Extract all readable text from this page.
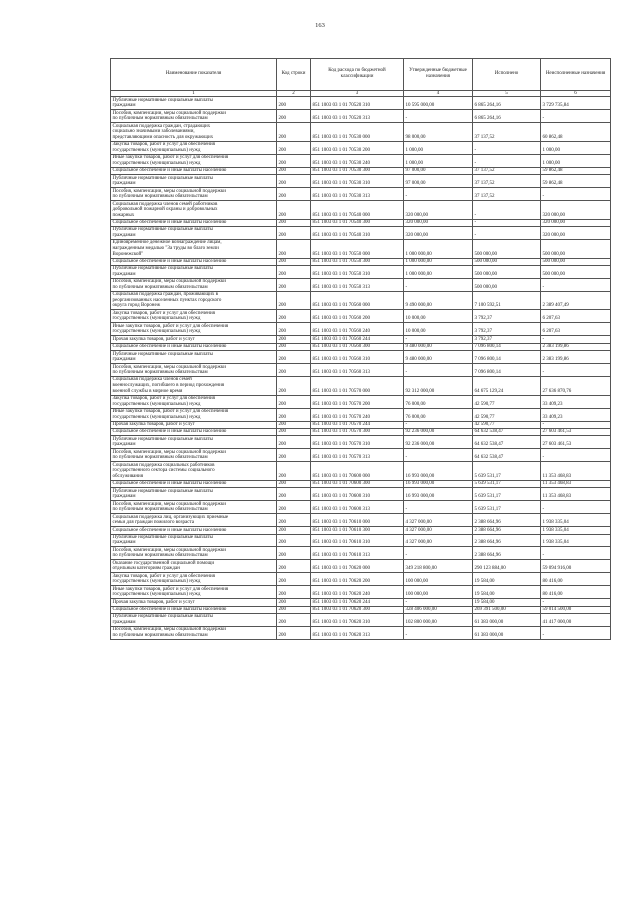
163
Наименование показателя	Код строки	Код расхода по бюджетной классификации	Утвержденные бюджетные назначения	Исполнено	Неисполненные назначения
1	2	3	4	5	6

Публичные нормативные социальные выплаты
гражданам	200	851 1003 03 1 01 70520 310	10 595 000,00	6 865 264,16	3 729 735,84

Пособия, компенсации, меры социальной поддержки
по публичным нормативным обязательствам	200	851 1003 03 1 01 70520 313	-	6 865 264,16	-

Социальная поддержка граждан, страдающих
социально значимыми заболеваниями,
представляющими опасность для окружающих	200	851 1003 03 1 01 70530 000	98 000,00	37 137,52	60 862,48

Закупка товаров, работ и услуг для обеспечения
государственных (муниципальных) нужд	200	851 1003 03 1 01 70530 200	1 000,00	-	1 000,00

Иные закупки товаров, работ и услуг для обеспечения
государственных (муниципальных) нужд	200	851 1003 03 1 01 70530 240	1 000,00	-	1 000,00

Социальное обеспечение и иные выплаты населению	200	851 1003 03 1 01 70530 300	97 000,00	37 137,52	59 862,48

Публичные нормативные социальные выплаты
гражданам	200	851 1003 03 1 01 70530 310	97 000,00	37 137,52	59 862,48

Пособия, компенсации, меры социальной поддержки
по публичным нормативным обязательствам	200	851 1003 03 1 01 70530 313	-	37 137,52	-

Социальная поддержка членов семей работников
добровольной пожарной охраны и добровольных
пожарных	200	851 1003 03 1 01 70540 000	320 000,00	-	320 000,00

Социальное обеспечение и иные выплаты населению	200	851 1003 03 1 01 70540 300	320 000,00	-	320 000,00

Публичные нормативные социальные выплаты
гражданам	200	851 1003 03 1 01 70540 310	320 000,00	-	320 000,00

Единовременное денежное вознаграждение лицам,
награжденным медалью "За труды во благо земли
Воронежской"	200	851 1003 03 1 01 70550 000	1 000 000,00	500 000,00	500 000,00

Социальное обеспечение и иные выплаты населению	200	851 1003 03 1 01 70550 300	1 000 000,00	500 000,00	500 000,00

Публичные нормативные социальные выплаты
гражданам	200	851 1003 03 1 01 70550 310	1 000 000,00	500 000,00	500 000,00

Пособия, компенсации, меры социальной поддержки
по публичным нормативным обязательствам	200	851 1003 03 1 01 70550 313	-	500 000,00	-

Социальная поддержка граждан, проживающих в
реорганизованных населенных пунктах городского
округа город Воронеж	200	851 1003 03 1 01 70560 000	9 490 000,00	7 100 592,51	2 389 407,49

Закупка товаров, работ и услуг для обеспечения
государственных (муниципальных) нужд	200	851 1003 03 1 01 70560 200	10 000,00	3 792,37	6 207,63

Иные закупки товаров, работ и услуг для обеспечения
государственных (муниципальных) нужд	200	851 1003 03 1 01 70560 240	10 000,00	3 792,37	6 207,63

Прочая закупка товаров, работ и услуг	200	851 1003 03 1 01 70560 244	-	3 792,37	-

Социальное обеспечение и иные выплаты населению	200	851 1003 03 1 01 70560 300	9 480 000,00	7 096 800,14	2 383 199,86

Публичные нормативные социальные выплаты
гражданам	200	851 1003 03 1 01 70560 310	9 480 000,00	7 096 800,14	2 383 199,86

Пособия, компенсации, меры социальной поддержки
по публичным нормативным обязательствам	200	851 1003 03 1 01 70560 313	-	7 096 800,14	-

Социальная поддержка членов семей
военнослужащих, погибшего в период прохождения
военной службы в мирное время	200	851 1003 03 1 01 70570 000	92 312 000,00	64 675 129,24	27 636 870,76

Закупка товаров, работ и услуг для обеспечения
государственных (муниципальных) нужд	200	851 1003 03 1 01 70570 200	76 000,00	42 590,77	33 409,23

Иные закупки товаров, работ и услуг для обеспечения
государственных (муниципальных) нужд	200	851 1003 03 1 01 70570 240	76 000,00	42 590,77	33 409,23

Прочая закупка товаров, работ и услуг	200	851 1003 03 1 01 70570 244	-	42 590,77	-

Социальное обеспечение и иные выплаты населению	200	851 1003 03 1 01 70570 300	92 236 000,00	64 632 538,47	27 603 461,53

Публичные нормативные социальные выплаты
гражданам	200	851 1003 03 1 01 70570 310	92 236 000,00	64 632 538,47	27 603 461,53

Пособия, компенсации, меры социальной поддержки
по публичным нормативным обязательствам	200	851 1003 03 1 01 70570 313	-	64 632 538,47	-

Социальная поддержка социальных работников
государственного сектора системы социального
обслуживания	200	851 1003 03 1 01 70600 000	16 993 000,00	5 639 531,17	11 353 468,83

Социальное обеспечение и иные выплаты населению	200	851 1003 03 1 01 70600 300	16 993 000,00	5 639 531,17	11 353 468,83

Публичные нормативные социальные выплаты
гражданам	200	851 1003 03 1 01 70600 310	16 993 000,00	5 639 531,17	11 353 468,83

Пособия, компенсации, меры социальной поддержки
по публичным нормативным обязательствам	200	851 1003 03 1 01 70600 313	-	5 639 531,17	-

Социальная поддержка лиц, организующих приемные
семьи для граждан пожилого возраста	200	851 1003 03 1 01 70610 000	4 327 000,00	2 388 664,96	1 938 335,04

Социальное обеспечение и иные выплаты населению	200	851 1003 03 1 01 70610 300	4 327 000,00	2 388 664,96	1 938 335,04

Публичные нормативные социальные выплаты
гражданам	200	851 1003 03 1 01 70610 310	4 327 000,00	2 388 664,96	1 938 335,04

Пособия, компенсации, меры социальной поддержки
по публичным нормативным обязательствам	200	851 1003 03 1 01 70610 313	-	2 388 664,96	-

Оказание государственной социальной помощи
отдельным категориям граждан	200	851 1003 03 1 01 70620 000	349 218 800,00	290 123 884,00	59 094 916,00

Закупка товаров, работ и услуг для обеспечения
государственных (муниципальных) нужд	200	851 1003 03 1 01 70620 200	100 000,00	19 584,00	80 416,00

Иные закупки товаров, работ и услуг для обеспечения
государственных (муниципальных) нужд	200	851 1003 03 1 01 70620 240	100 000,00	19 584,00	80 416,00

Прочая закупка товаров, работ и услуг	200	851 1003 03 1 01 70620 244	-	19 584,00	-

Социальное обеспечение и иные выплаты населению	200	851 1003 03 1 01 70620 300	328 406 000,00	269 391 500,00	59 014 500,00

Публичные нормативные социальные выплаты
гражданам	200	851 1003 03 1 01 70620 310	102 800 000,00	61 383 000,00	41 417 000,00

Пособия, компенсации, меры социальной поддержки
по публичным нормативным обязательствам	200	851 1003 03 1 01 70620 313	-	61 383 000,00	-
